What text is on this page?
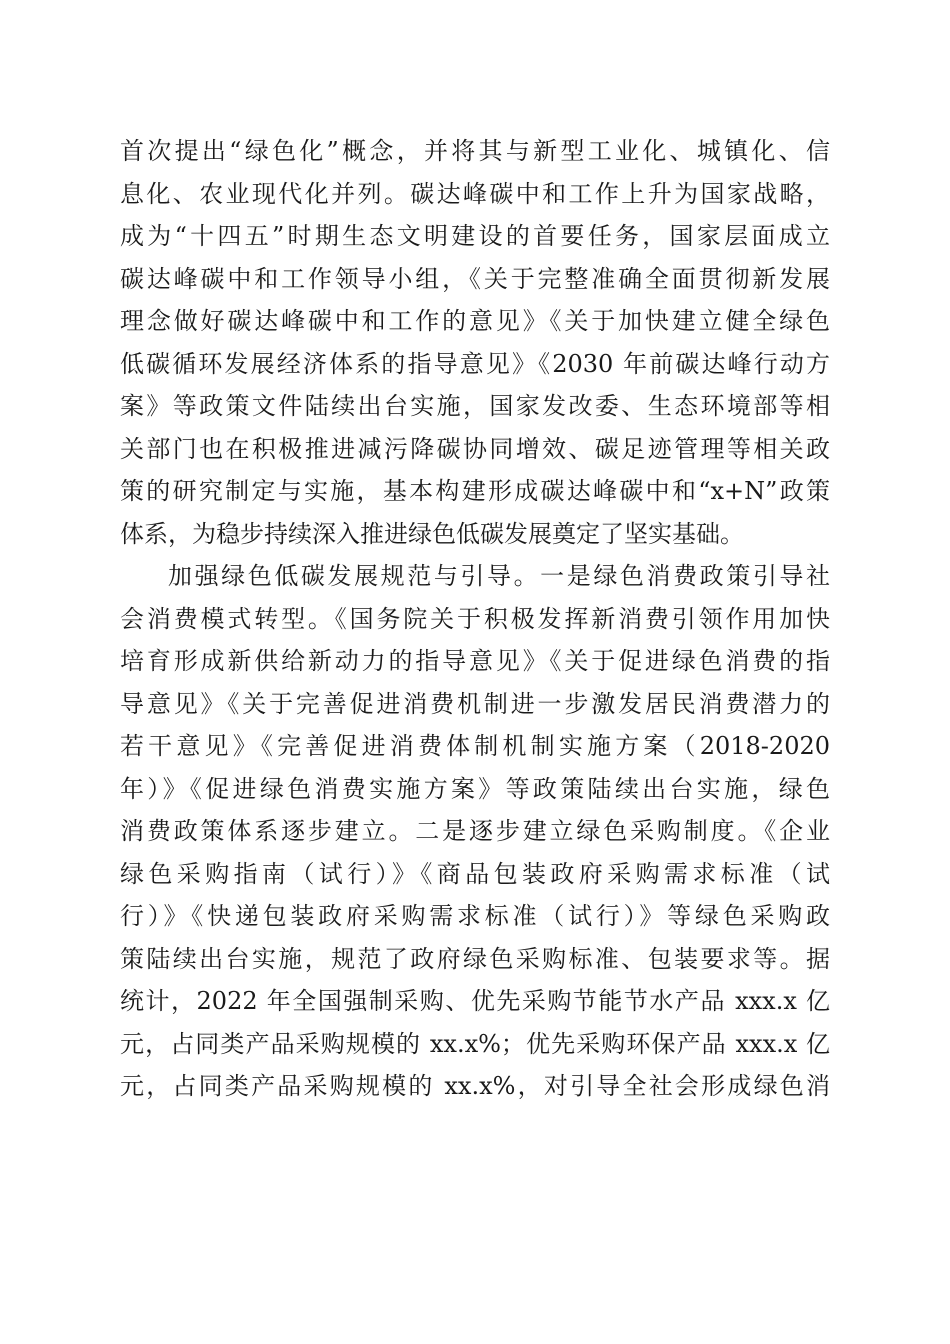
首次提出“绿色化”概念，并将其与新型工业化、城镇化、信
息化、农业现代化并列。碳达峰碳中和工作上升为国家战略，
成为“十四五”时期生态文明建设的首要任务，国家层面成立
碳达峰碳中和工作领导小组，《关于完整准确全面贯彻新发展
理念做好碳达峰碳中和工作的意见》《关于加快建立健全绿色
低碳循环发展经济体系的指导意见》《2030 年前碳达峰行动方
案》等政策文件陆续出台实施，国家发改委、生态环境部等相
关部门也在积极推进减污降碳协同增效、碳足迹管理等相关政
策的研究制定与实施，基本构建形成碳达峰碳中和“x+N”政策
体系，为稳步持续深入推进绿色低碳发展奠定了坚实基础。
加强绿色低碳发展规范与引导。一是绿色消费政策引导社
会消费模式转型。《国务院关于积极发挥新消费引领作用加快
培育形成新供给新动力的指导意见》《关于促进绿色消费的指
导意见》《关于完善促进消费机制进一步激发居民消费潜力的
若干意见》《完善促进消费体制机制实施方案（2018-2020
年）》《促进绿色消费实施方案》等政策陆续出台实施，绿色
消费政策体系逐步建立。二是逐步建立绿色采购制度。《企业
绿色采购指南（试行）》《商品包装政府采购需求标准（试
行）》《快递包装政府采购需求标准（试行）》等绿色采购政
策陆续出台实施，规范了政府绿色采购标准、包装要求等。据
统计，2022 年全国强制采购、优先采购节能节水产品 xxx.x 亿
元，占同类产品采购规模的 xx.x%；优先采购环保产品 xxx.x 亿
元，占同类产品采购规模的 xx.x%，对引导全社会形成绿色消
